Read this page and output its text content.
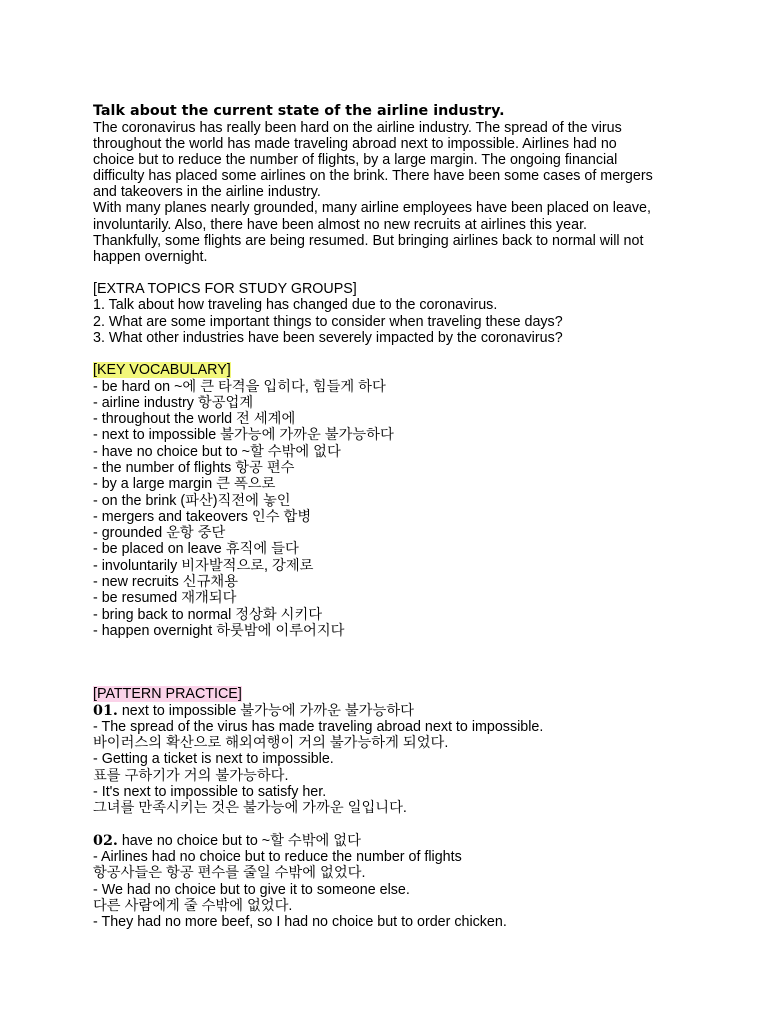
Talk about the current state of the airline industry.
The coronavirus has really been hard on the airline industry. The spread of the virus
throughout the world has made traveling abroad next to impossible. Airlines had no
choice but to reduce the number of flights, by a large margin. The ongoing financial
difficulty has placed some airlines on the brink. There have been some cases of mergers
and takeovers in the airline industry.
With many planes nearly grounded, many airline employees have been placed on leave,
involuntarily. Also, there have been almost no new recruits at airlines this year.
Thankfully, some flights are being resumed. But bringing airlines back to normal will not
happen overnight.
[EXTRA TOPICS FOR STUDY GROUPS]
1. Talk about how traveling has changed due to the coronavirus.
2. What are some important things to consider when traveling these days?
3. What other industries have been severely impacted by the coronavirus?
[KEY VOCABULARY]
- be hard on ~에 큰 타격을 입히다, 힘들게 하다
- airline industry 항공업계
- throughout the world 전 세계에
- next to impossible 불가능에 가까운 불가능하다
- have no choice but to ~할 수밖에 없다
- the number of flights 항공 편수
- by a large margin 큰 폭으로
- on the brink (파산)직전에 놓인
- mergers and takeovers 인수 합병
- grounded 운항 중단
- be placed on leave 휴직에 들다
- involuntarily 비자발적으로, 강제로
- new recruits 신규채용
- be resumed 재개되다
- bring back to normal 정상화 시키다
- happen overnight 하룻밤에 이루어지다
[PATTERN PRACTICE]
01. next to impossible 불가능에 가까운 불가능하다
- The spread of the virus has made traveling abroad next to impossible.
바이러스의 확산으로 해외여행이 거의 불가능하게 되었다.
- Getting a ticket is next to impossible.
표를 구하기가 거의 불가능하다.
- It's next to impossible to satisfy her.
그녀를 만족시키는 것은 불가능에 가까운 일입니다.
02. have no choice but to ~할 수밖에 없다
- Airlines had no choice but to reduce the number of flights
항공사들은 항공 편수를 줄일 수밖에 없었다.
- We had no choice but to give it to someone else.
다른 사람에게 줄 수밖에 없었다.
- They had no more beef, so I had no choice but to order chicken.
